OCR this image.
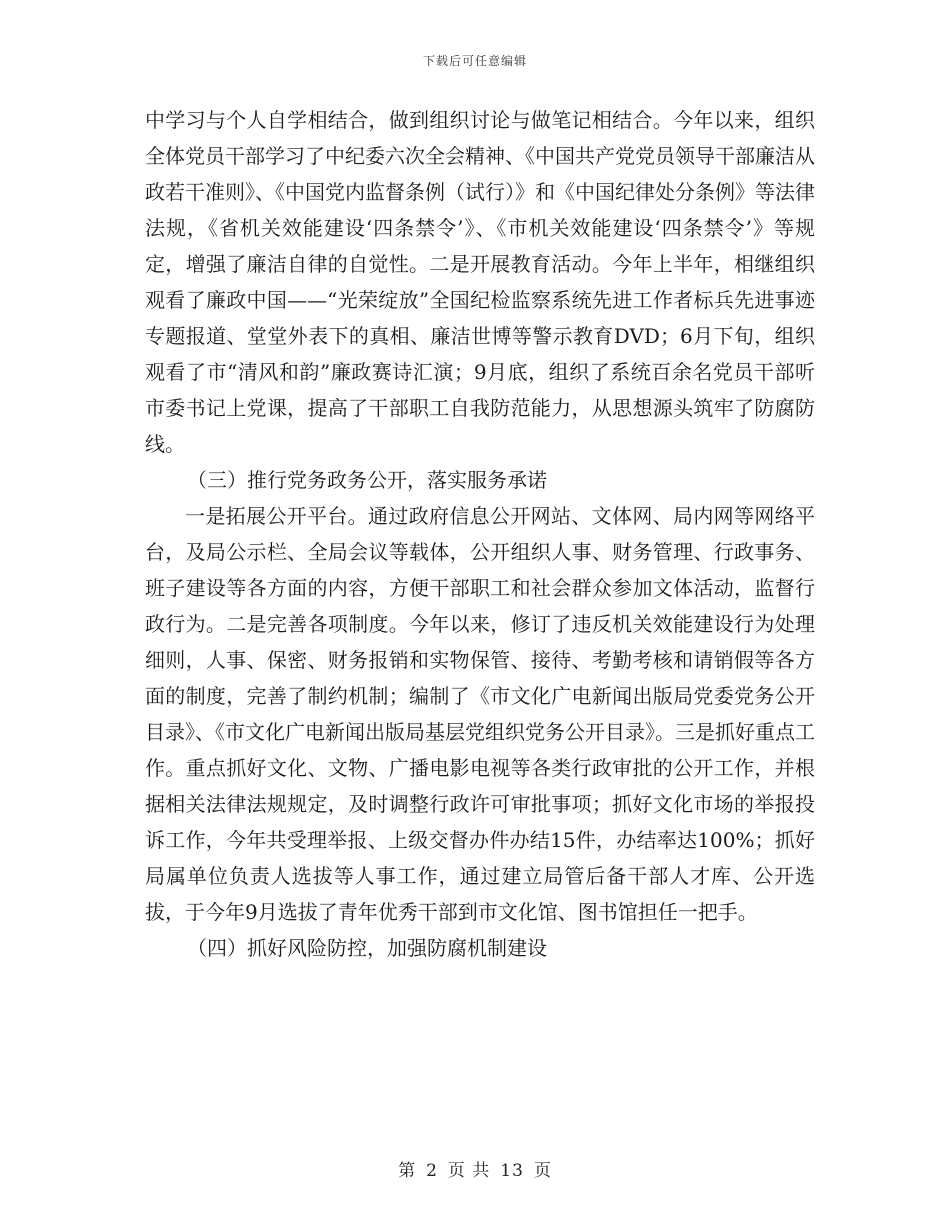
下载后可任意编辑

中学习与个人自学相结合，做到组织讨论与做笔记相结合。今年以来，组织全体党员干部学习了中纪委六次全会精神、《中国共产党党员领导干部廉洁从政若干准则》、《中国党内监督条例（试行）》和《中国纪律处分条例》等法律法规，《省机关效能建设‘四条禁令’》、《市机关效能建设‘四条禁令’》等规定，增强了廉洁自律的自觉性。二是开展教育活动。今年上半年，相继组织观看了廉政中国——“光荣绽放”全国纪检监察系统先进工作者标兵先进事迹专题报道、堂堂外表下的真相、廉洁世博等警示教育DVD；6月下旬，组织观看了市“清风和韵”廉政赛诗汇演；9月底，组织了系统百余名党员干部听市委书记上党课，提高了干部职工自我防范能力，从思想源头筑牢了防腐防线。

（三）推行党务政务公开，落实服务承诺

一是拓展公开平台。通过政府信息公开网站、文体网、局内网等网络平台，及局公示栏、全局会议等载体，公开组织人事、财务管理、行政事务、班子建设等各方面的内容，方便干部职工和社会群众参加文体活动，监督行政行为。二是完善各项制度。今年以来，修订了违反机关效能建设行为处理细则，人事、保密、财务报销和实物保管、接待、考勤考核和请销假等各方面的制度，完善了制约机制；编制了《市文化广电新闻出版局党委党务公开目录》、《市文化广电新闻出版局基层党组织党务公开目录》。三是抓好重点工作。重点抓好文化、文物、广播电影电视等各类行政审批的公开工作，并根据相关法律法规规定，及时调整行政许可审批事项；抓好文化市场的举报投诉工作，今年共受理举报、上级交督办件办结15件，办结率达100%；抓好局属单位负责人选拔等人事工作，通过建立局管后备干部人才库、公开选拔，于今年9月选拔了青年优秀干部到市文化馆、图书馆担任一把手。

（四）抓好风险防控，加强防腐机制建设

第 2 页 共 13 页
